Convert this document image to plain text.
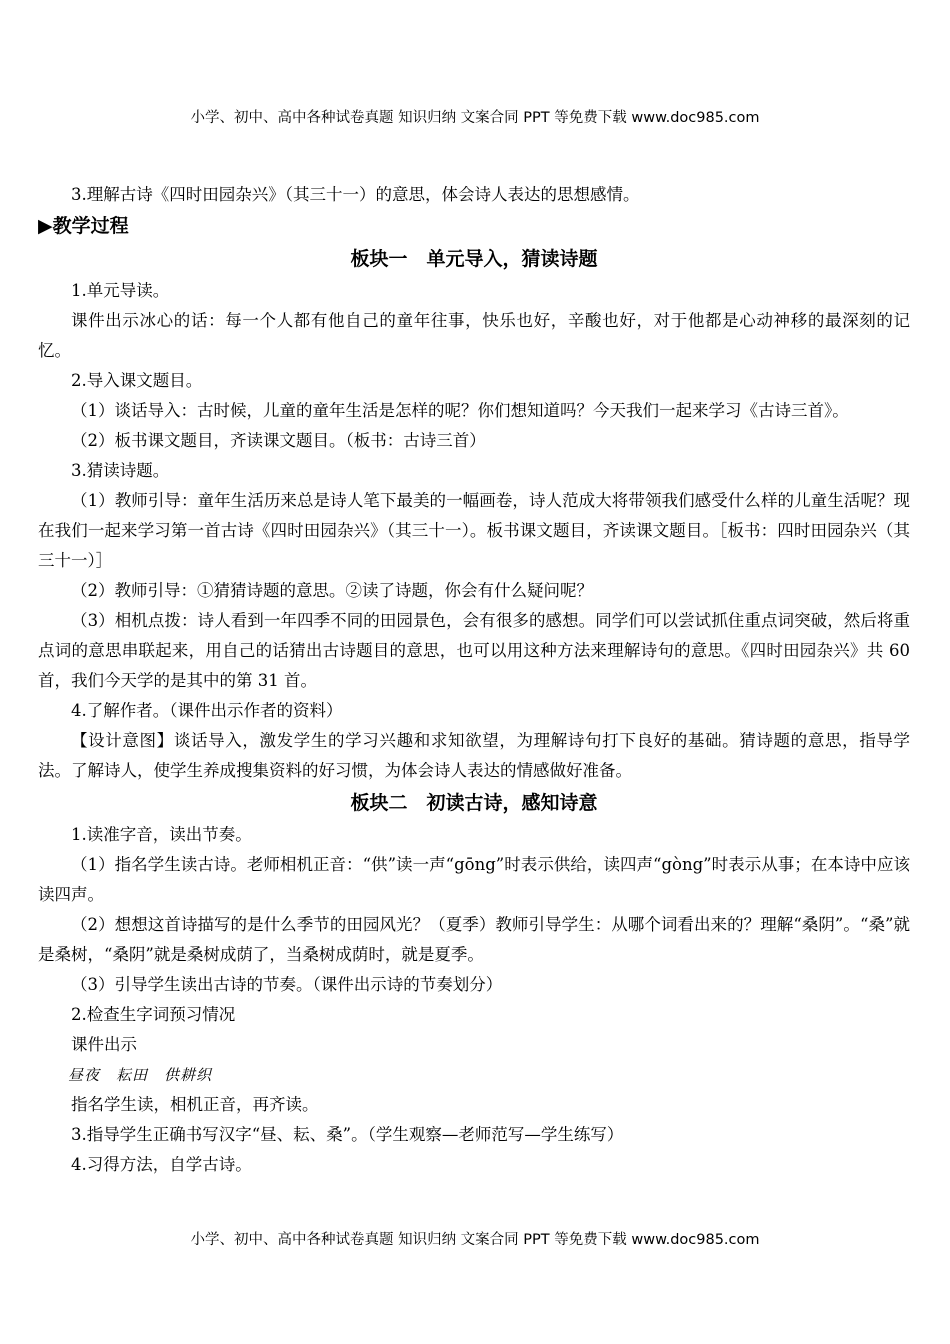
小学、初中、高中各种试卷真题 知识归纳 文案合同 PPT 等免费下载 www.doc985.com
3.理解古诗《四时田园杂兴》（其三十一）的意思，体会诗人表达的思想感情。
▶教学过程
板块一　单元导入，猜读诗题
1.单元导读。
课件出示冰心的话：每一个人都有他自己的童年往事，快乐也好，辛酸也好，对于他都是心动神移的最深刻的记忆。
2.导入课文题目。
（1）谈话导入：古时候，儿童的童年生活是怎样的呢？你们想知道吗？今天我们一起来学习《古诗三首》。
（2）板书课文题目，齐读课文题目。（板书：古诗三首）
3.猜读诗题。
（1）教师引导：童年生活历来总是诗人笔下最美的一幅画卷，诗人范成大将带领我们感受什么样的儿童生活呢？现在我们一起来学习第一首古诗《四时田园杂兴》（其三十一）。板书课文题目，齐读课文题目。［板书：四时田园杂兴（其三十一）］
（2）教师引导：①猜猜诗题的意思。②读了诗题，你会有什么疑问呢？
（3）相机点拨：诗人看到一年四季不同的田园景色，会有很多的感想。同学们可以尝试抓住重点词突破，然后将重点词的意思串联起来，用自己的话猜出古诗题目的意思，也可以用这种方法来理解诗句的意思。《四时田园杂兴》共 60 首，我们今天学的是其中的第 31 首。
4.了解作者。（课件出示作者的资料）
【设计意图】谈话导入，激发学生的学习兴趣和求知欲望，为理解诗句打下良好的基础。猜诗题的意思，指导学法。了解诗人，使学生养成搜集资料的好习惯，为体会诗人表达的情感做好准备。
板块二　初读古诗，感知诗意
1.读准字音，读出节奏。
（1）指名学生读古诗。老师相机正音：“供”读一声“gōng”时表示供给，读四声“gòng”时表示从事；在本诗中应该读四声。
（2）想想这首诗描写的是什么季节的田园风光？（夏季）教师引导学生：从哪个词看出来的？理解“桑阴”。“桑”就是桑树，“桑阴”就是桑树成荫了，当桑树成荫时，就是夏季。
（3）引导学生读出古诗的节奏。（课件出示诗的节奏划分）
2.检查生字词预习情况
课件出示
昼夜　耘田　供耕织
指名学生读，相机正音，再齐读。
3.指导学生正确书写汉字“昼、耘、桑”。（学生观察—老师范写—学生练写）
4.习得方法，自学古诗。
小学、初中、高中各种试卷真题 知识归纳 文案合同 PPT 等免费下载 www.doc985.com
